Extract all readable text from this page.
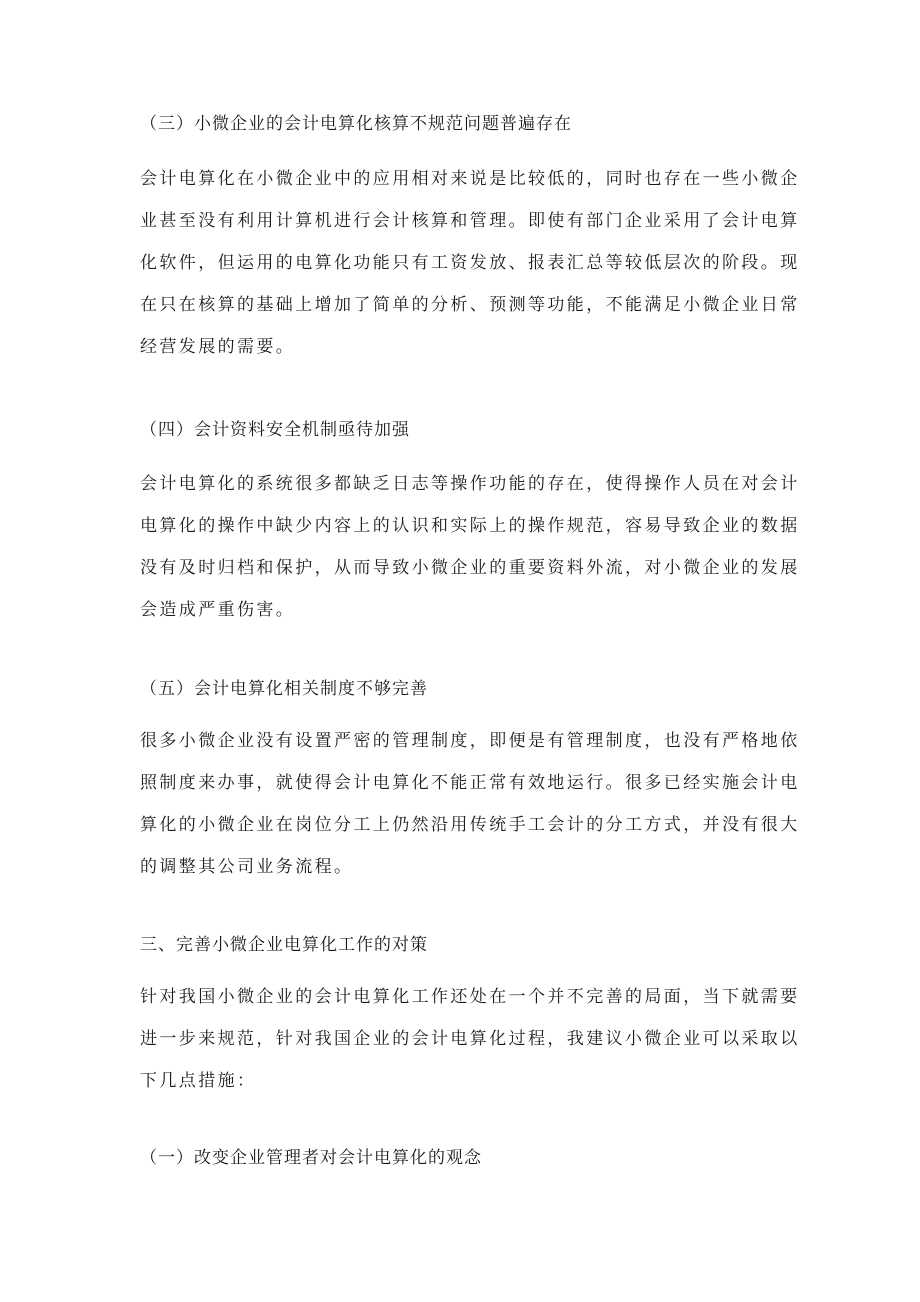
（三）小微企业的会计电算化核算不规范问题普遍存在
会计电算化在小微企业中的应用相对来说是比较低的，同时也存在一些小微企
业甚至没有利用计算机进行会计核算和管理。即使有部门企业采用了会计电算
化软件，但运用的电算化功能只有工资发放、报表汇总等较低层次的阶段。现
在只在核算的基础上增加了简单的分析、预测等功能，不能满足小微企业日常
经营发展的需要。
（四）会计资料安全机制亟待加强
会计电算化的系统很多都缺乏日志等操作功能的存在，使得操作人员在对会计
电算化的操作中缺少内容上的认识和实际上的操作规范，容易导致企业的数据
没有及时归档和保护，从而导致小微企业的重要资料外流，对小微企业的发展
会造成严重伤害。
（五）会计电算化相关制度不够完善
很多小微企业没有设置严密的管理制度，即便是有管理制度，也没有严格地依
照制度来办事，就使得会计电算化不能正常有效地运行。很多已经实施会计电
算化的小微企业在岗位分工上仍然沿用传统手工会计的分工方式，并没有很大
的调整其公司业务流程。
三、完善小微企业电算化工作的对策
针对我国小微企业的会计电算化工作还处在一个并不完善的局面，当下就需要
进一步来规范，针对我国企业的会计电算化过程，我建议小微企业可以采取以
下几点措施：
（一）改变企业管理者对会计电算化的观念
